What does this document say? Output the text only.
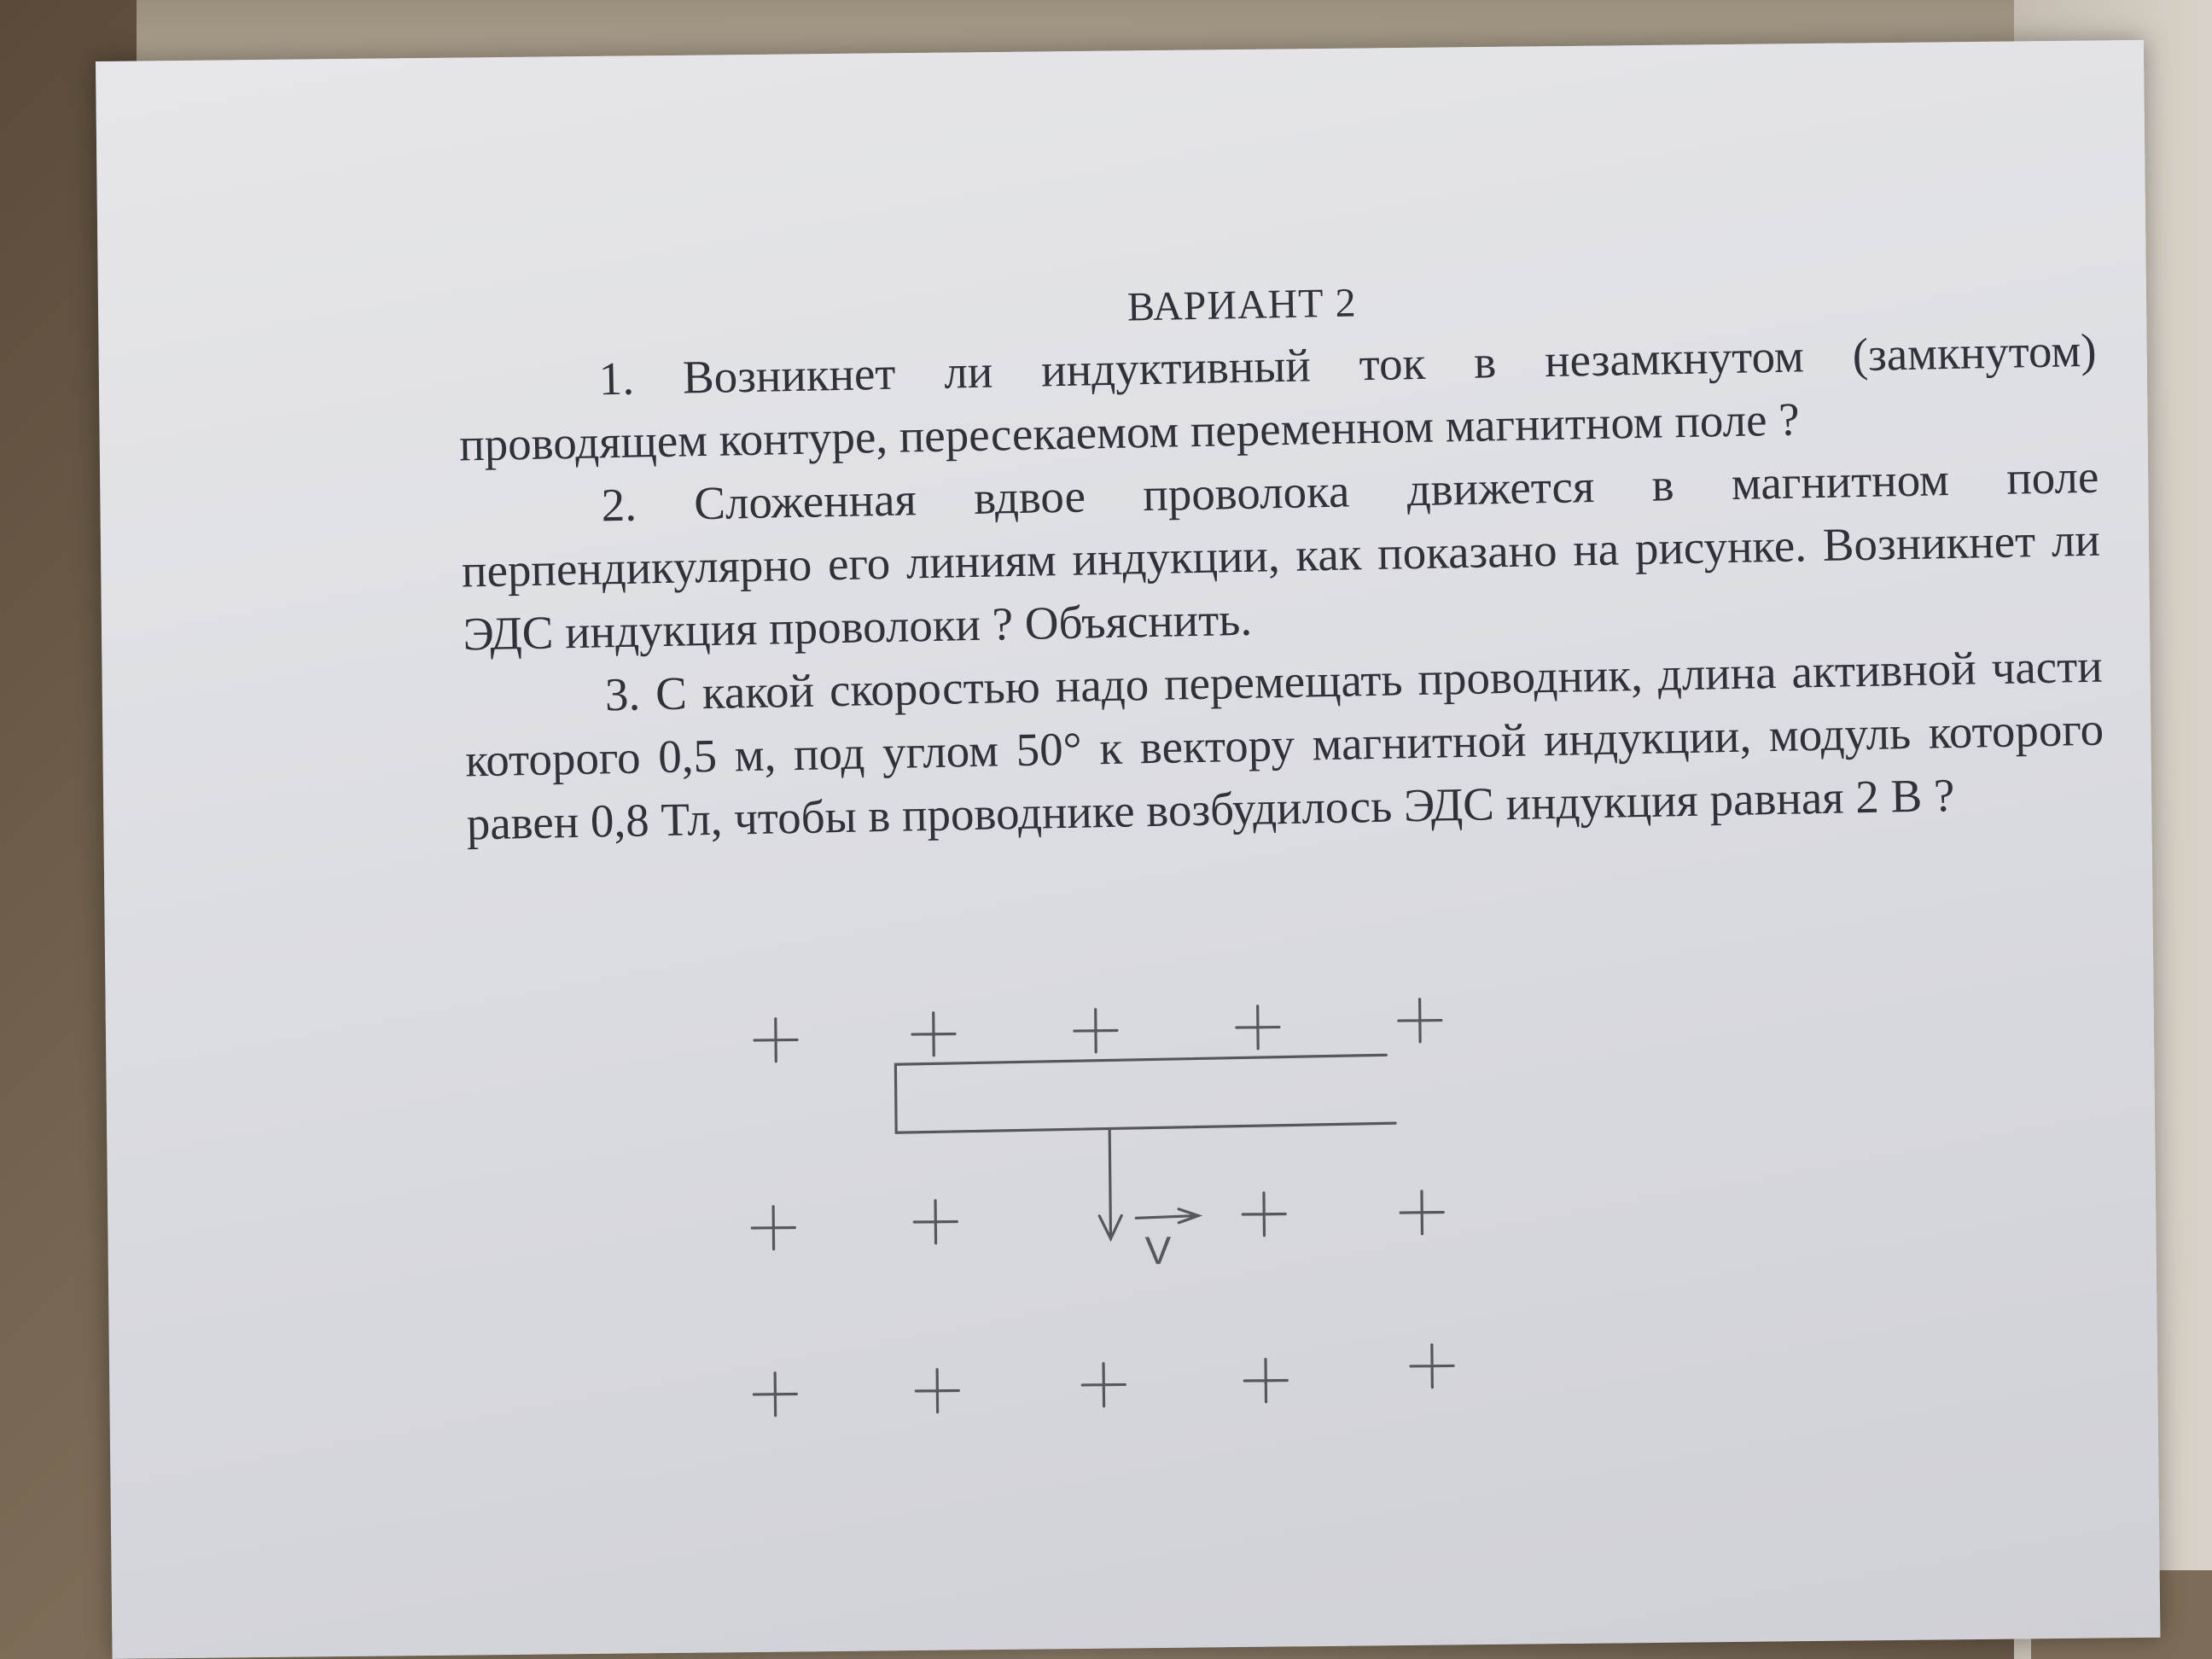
ВАРИАНТ 2

1. Возникнет ли индуктивный ток в незамкнутом (замкнутом) проводящем контуре, пересекаемом переменном магнитном поле ?

2. Сложенная вдвое проволока движется в магнитном поле перпендикулярно его линиям индукции, как показано на рисунке. Возникнет ли ЭДС индукция проволоки ? Объяснить.

3. С какой скоростью надо перемещать проводник, длина активной части которого 0,5 м, под углом 50° к вектору магнитной индукции, модуль которого равен 0,8 Тл, чтобы в проводнике возбудилось ЭДС индукция равная 2 В ?

V
